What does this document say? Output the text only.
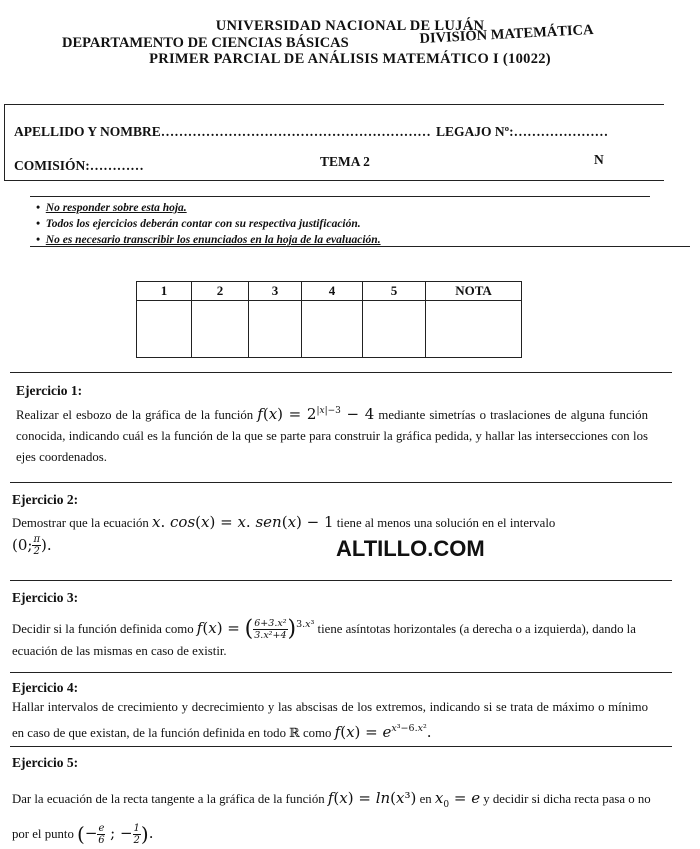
UNIVERSIDAD NACIONAL DE LUJÁN
DEPARTAMENTO DE CIENCIAS BÁSICAS	DIVISIÓN MATEMÁTICA
PRIMER PARCIAL DE ANÁLISIS MATEMÁTICO I (10022)
APELLIDO Y NOMBRE…………………………………………………… LEGAJO Nº:…………………
COMISIÓN:…………	TEMA 2	N
•  No responder sobre esta hoja.
•  Todos los ejercicios deberán contar con su respectiva justificación.
•  No es necesario transcribir los enunciados en la hoja de la evaluación.
1	2	3	4	5	NOTA

Ejercicio 1:
Realizar el esbozo de la gráfica de la función $f(x) = 2^{|x|-3} - 4$ mediante simetrías o traslaciones de alguna función conocida, indicando cuál es la función de la que se parte para construir la gráfica pedida, y hallar las intersecciones con los ejes coordenados.
Ejercicio 2:
Demostrar que la ecuación x. cos(x) = x. sen(x) − 1 tiene al menos una solución en el intervalo
(0; $\frac{\pi}{2}$ ).	ALTILLO.COM
Ejercicio 3:
Decidir si la función definida como f(x) = ( $\frac{\text{6+3.x²}}{\text{3.x²+4}} )^{3.x^3}$ tiene asíntotas horizontales (a derecha o a izquierda), dando la ecuación de las mismas en caso de existir.
Ejercicio 4:
Hallar intervalos de crecimiento y decrecimiento y las abscisas de los extremos, indicando si se trata de máximo o mínimo en caso de que existan, de la función definida en todo ℝ como $f(x) = e^{x^3-6.x^2}$.
Ejercicio 5:
Dar la ecuación de la recta tangente a la gráfica de la función f(x) = ln(x³) en $x_0 = e$ y decidir si dicha recta pasa o no por el punto (− $\frac{e}{6}$ ; − $\frac{1}{2}$ ).
